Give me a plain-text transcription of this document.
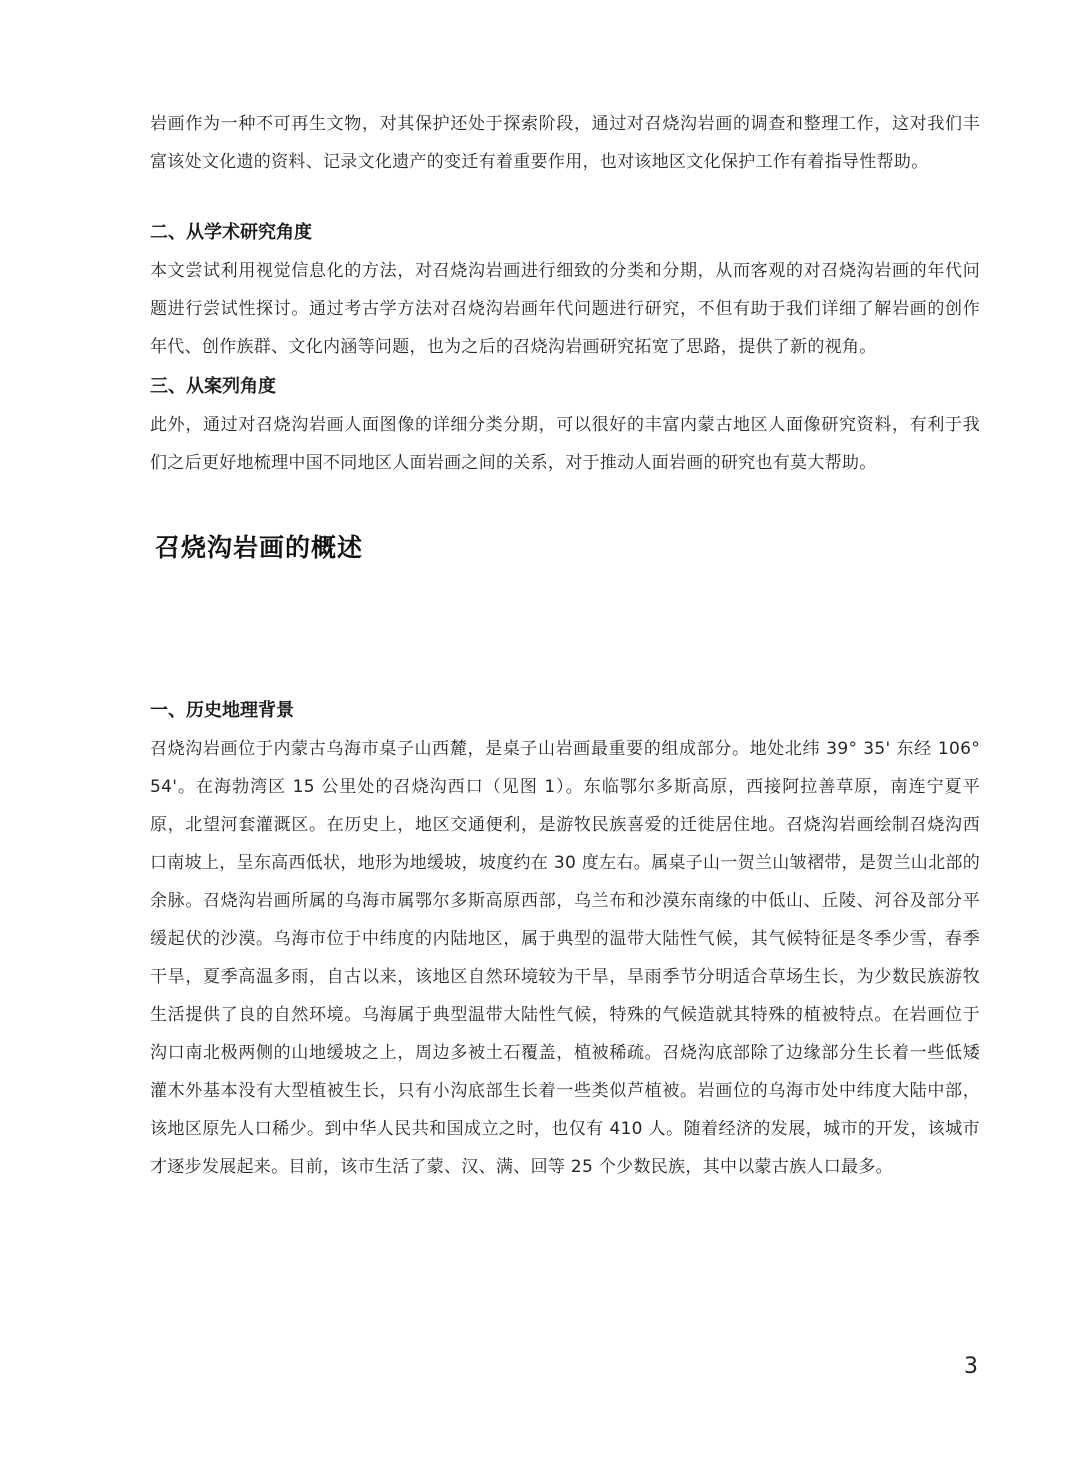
岩画作为一种不可再生文物，对其保护还处于探索阶段，通过对召烧沟岩画的调查和整理工作，这对我们丰富该处文化遗的资料、记录文化遗产的变迁有着重要作用，也对该地区文化保护工作有着指导性帮助。

二、从学术研究角度

本文尝试利用视觉信息化的方法，对召烧沟岩画进行细致的分类和分期，从而客观的对召烧沟岩画的年代问题进行尝试性探讨。通过考古学方法对召烧沟岩画年代问题进行研究，不但有助于我们详细了解岩画的创作年代、创作族群、文化内涵等问题，也为之后的召烧沟岩画研究拓宽了思路，提供了新的视角。

三、从案列角度

此外，通过对召烧沟岩画人面图像的详细分类分期，可以很好的丰富内蒙古地区人面像研究资料，有利于我们之后更好地梳理中国不同地区人面岩画之间的关系，对于推动人面岩画的研究也有莫大帮助。

召烧沟岩画的概述
一、历史地理背景

召烧沟岩画位于内蒙古乌海市桌子山西麓，是桌子山岩画最重要的组成部分。地处北纬 39° 35' 东经 106° 54'。在海勃湾区 15 公里处的召烧沟西口（见图 1）。东临鄂尔多斯高原，西接阿拉善草原，南连宁夏平原，北望河套灌溉区。在历史上，地区交通便利，是游牧民族喜爱的迁徙居住地。召烧沟岩画绘制召烧沟西口南坡上，呈东高西低状，地形为地缓坡，坡度约在 30 度左右。属桌子山一贺兰山皱褶带，是贺兰山北部的余脉。召烧沟岩画所属的乌海市属鄂尔多斯高原西部，乌兰布和沙漠东南缘的中低山、丘陵、河谷及部分平缓起伏的沙漠。乌海市位于中纬度的内陆地区，属于典型的温带大陆性气候，其气候特征是冬季少雪，春季干旱，夏季高温多雨，自古以来，该地区自然环境较为干旱，旱雨季节分明适合草场生长，为少数民族游牧生活提供了良的自然环境。乌海属于典型温带大陆性气候，特殊的气候造就其特殊的植被特点。在岩画位于沟口南北极两侧的山地缓坡之上，周边多被土石覆盖，植被稀疏。召烧沟底部除了边缘部分生长着一些低矮灌木外基本没有大型植被生长，只有小沟底部生长着一些类似芦植被。岩画位的乌海市处中纬度大陆中部，该地区原先人口稀少。到中华人民共和国成立之时，也仅有 410 人。随着经济的发展，城市的开发，该城市才逐步发展起来。目前，该市生活了蒙、汉、满、回等 25 个少数民族，其中以蒙古族人口最多。

3
